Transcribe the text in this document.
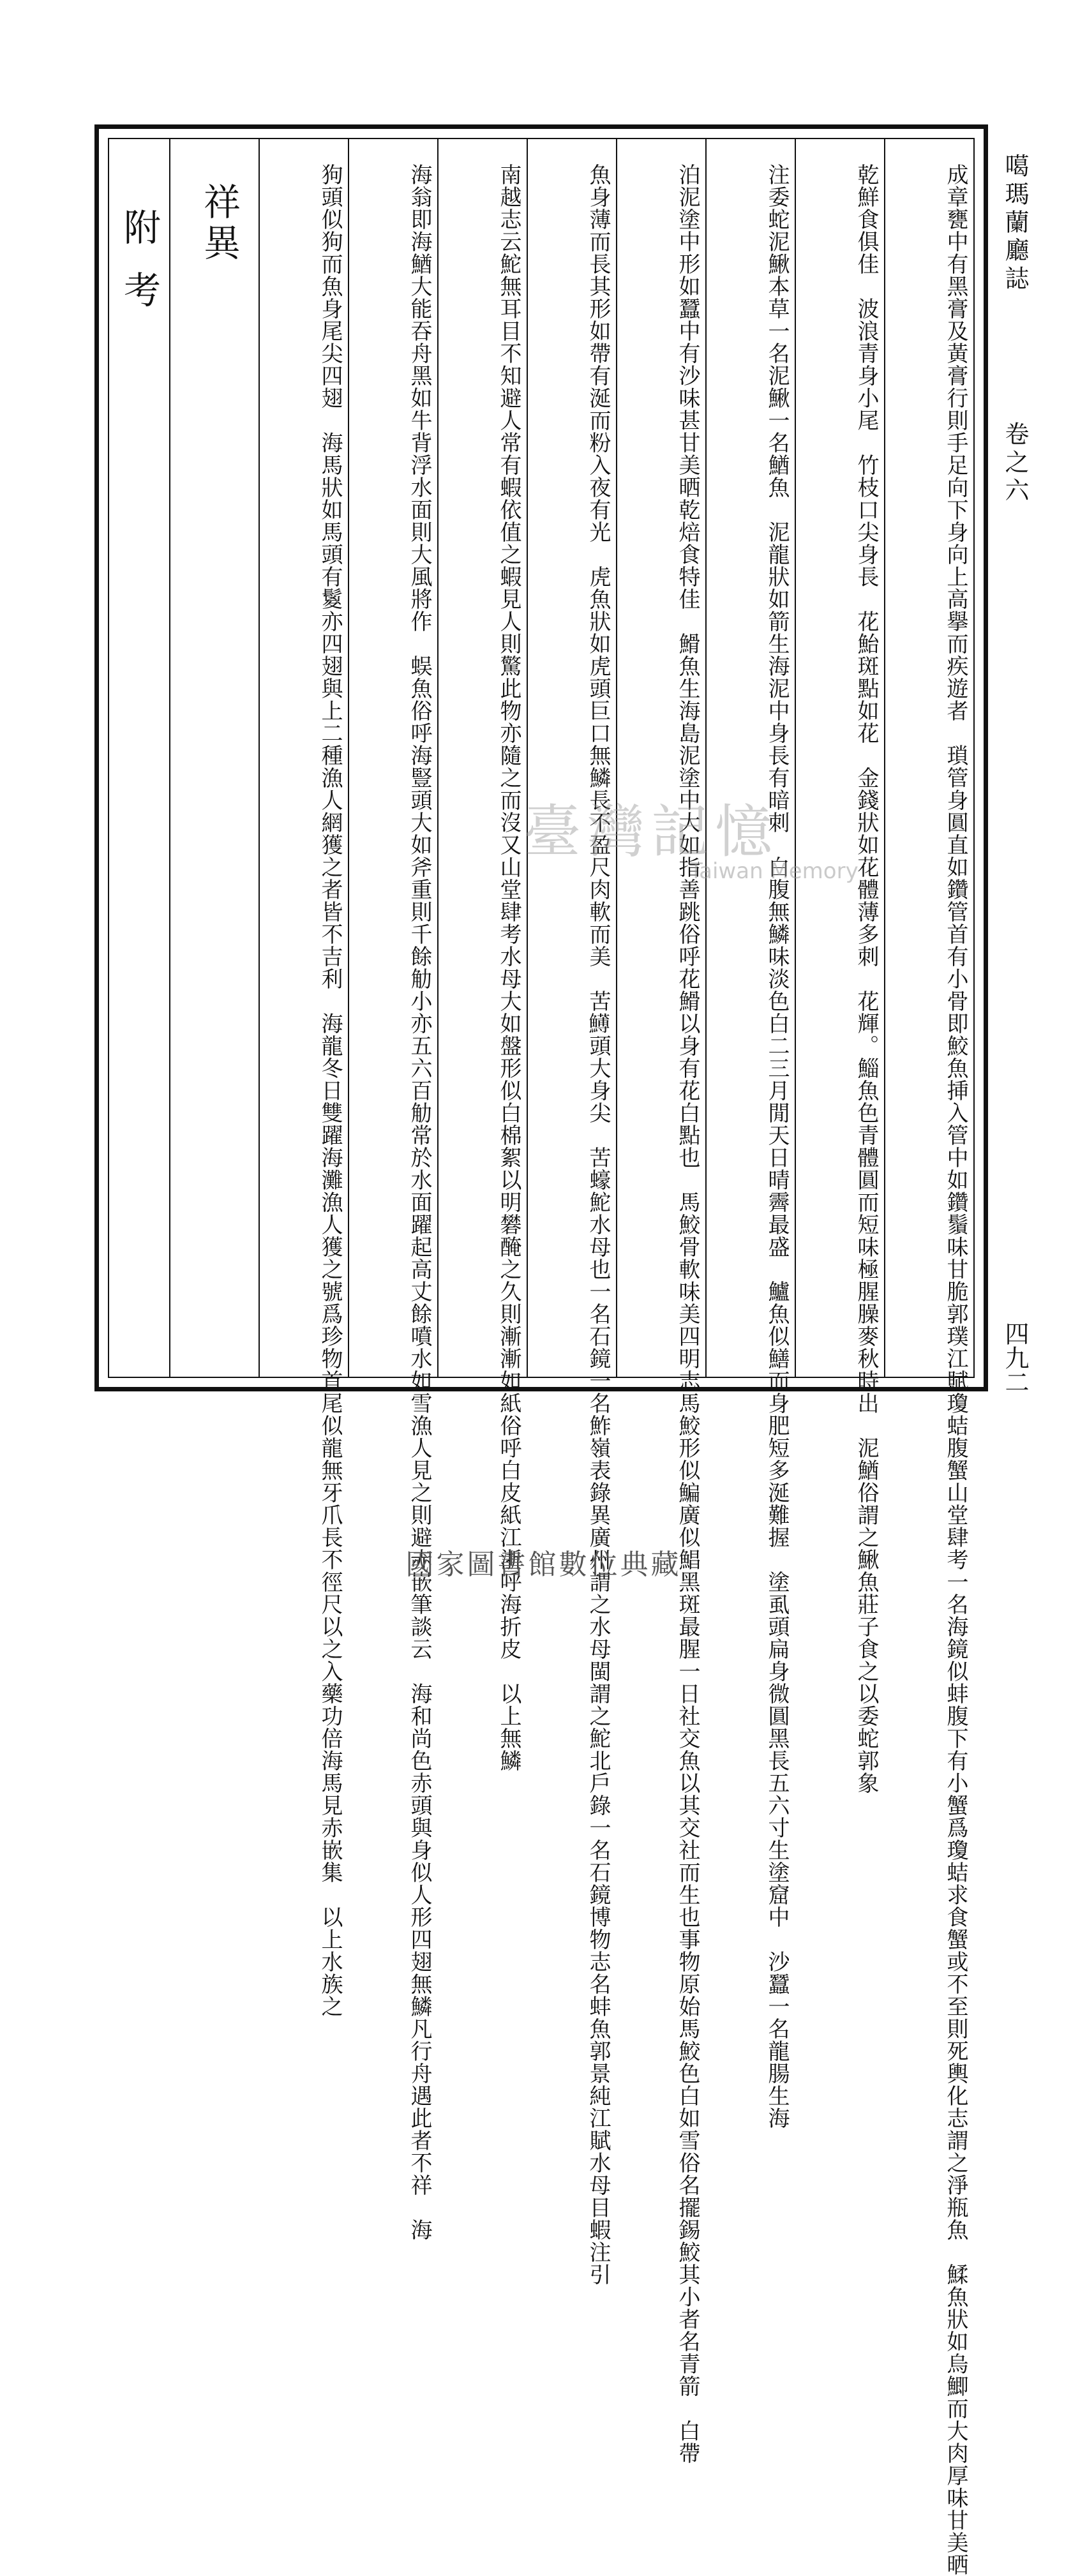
噶瑪蘭廳誌
卷之六
四九二
成章甕中有黑膏及黃膏行則手足向下身向上高擧而疾遊者　瑣管身圓直如鑽管首有小骨即鮫魚挿入管中如鑽鬚味甘脆郭璞江賦瓊蛣腹蟹山堂肆考一名海鏡似蚌腹下有小蟹爲瓊蛣求食蟹或不至則死輿化志謂之淨瓶魚　鰇魚狀如烏鯽而大肉厚味甘美晒
乾鮮食俱佳　波浪青身小尾　竹枝口尖身長　花鮐斑點如花　金錢狀如花體薄多刺　花輝。鯔魚色青體圓而短味極腥臊麥秋時出　泥鰌俗謂之鰍魚莊子食之以委蛇郭象
注委蛇泥鰍本草一名泥鰍一名鰌魚　泥龍狀如箭生海泥中身長有暗刺　白腹無鱗味淡色白二三月閒天日晴霽最盛　鱸魚似鱔而身肥短多涎難握　塗虱頭扁身微圓黑長五六寸生塗窟中　沙蠶一名龍腸生海
泊泥塗中形如蠶中有沙味甚甘美晒乾焙食特佳　䱻魚生海島泥塗中大如指善跳俗呼花䱻以身有花白點也　馬鮫骨軟味美四明志馬鮫形似鯿廣似鯧黑斑最腥一日社交魚以其交社而生也事物原始馬鮫色白如雪俗名擺錫鮫其小者名青箭　白帶
魚身薄而長其形如帶有涎而粉入夜有光　虎魚狀如虎頭巨口無鱗長不盈尺肉軟而美　苦𩼬頭大身尖　苦蠔鮀水母也一名石鏡一名鮓嶺表錄異廣州謂之水母閩謂之鮀北戶錄一名石鏡博物志名蚌魚郭景純江賦水母目蝦注引
南越志云鮀無耳目不知避人常有蝦依值之蝦見人則驚此物亦隨之而沒又山堂肆考水母大如盤形似白棉絮以明礬醃之久則漸漸如紙俗呼白皮紙江浙呼海折皮　以上無鱗
海翁即海鰌大能吞舟黑如牛背浮水面則大風將作　蜈魚俗呼海豎頭大如斧重則千餘觔小亦五六百觔常於水面躍起高丈餘噴水如雪漁人見之則避赤嵌筆談云　海和尚色赤頭與身似人形四翅無鱗凡行舟遇此者不祥　海
狗頭似狗而魚身尾尖四翅　海馬狀如馬頭有鬉亦四翅與上二種漁人網獲之者皆不吉利　海龍冬日雙躍海灘漁人獲之號爲珍物首尾似龍無牙爪長不徑尺以之入藥功倍海馬見赤嵌集　以上水族之
祥異
附考
臺灣記憶
Taiwan Memory
國家圖書館數位典藏
